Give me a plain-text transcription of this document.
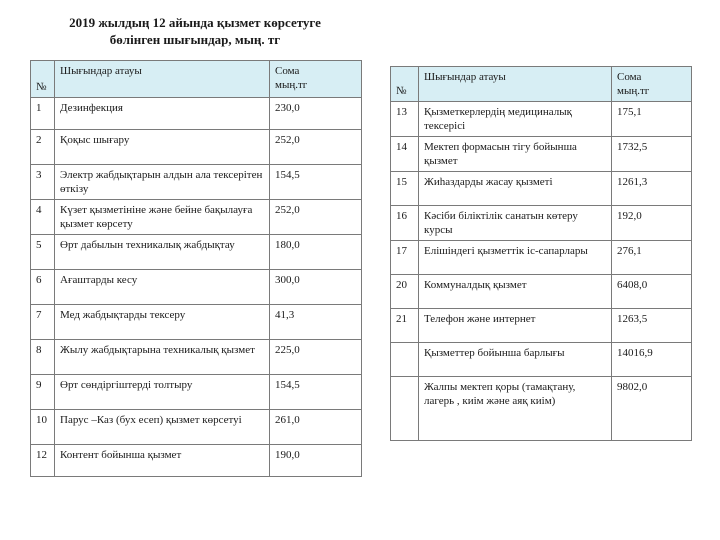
2019 жылдың 12 айында қызмет көрсетуге
бөлінген шығындар, мың. тг
№	Шығындар атауы	Сома
мың.тг

1	Дезинфекция	230,0
2	Қоқыс шығару	252,0
3	Электр жабдықтарын алдын ала тексерітен өткізу	154,5
4	Күзет қызметініне және бейне бақылауға қызмет көрсету	252,0
5	Өрт дабылын техникалық жабдықтау	180,0
6	Ағаштарды кесу	300,0
7	Мед жабдықтарды тексеру	41,3
8	Жылу жабдықтарына техникалық қызмет	225,0
9	Өрт сөндіргіштерді толтыру	154,5
10	Парус –Каз (бух есеп) қызмет көрсетуі	261,0
12	Контент бойынша қызмет	190,0
№	Шығындар атауы	Сома
мың.тг

13	Қызметкерлердің медициналық тексерісі	175,1
14	Мектеп формасын тігу бойынша қызмет	1732,5
15	Жиһаздарды жасау қызметі	1261,3
16	Кәсіби біліктілік санатын көтеру курсы	192,0
17	Елішіндегі қызметтік іс-сапарлары	276,1
20	Коммуналдық қызмет	6408,0
21	Телефон және интернет	1263,5
	Қызметтер бойынша барлығы	14016,9
	Жалпы мектеп қоры (тамақтану, лагерь , киім және аяқ киім)	9802,0
